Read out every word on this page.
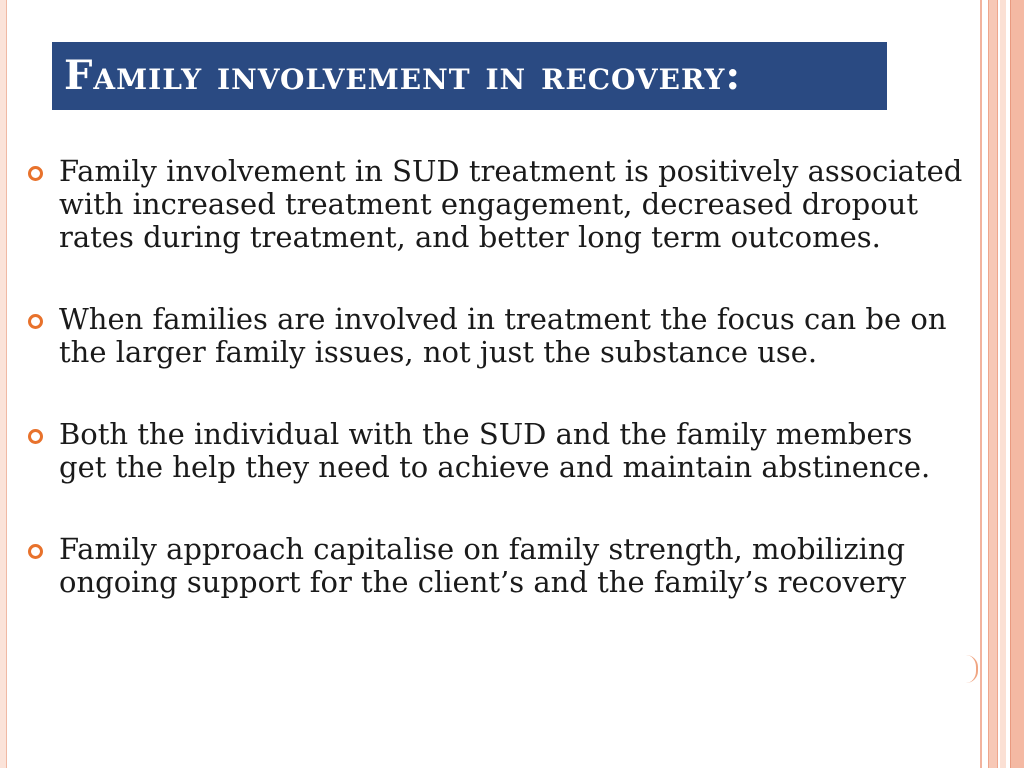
Family involvement in recovery:
Family involvement in SUD treatment is positively associated with increased treatment engagement, decreased dropout rates during treatment, and better long term outcomes.
When families are involved in treatment the focus can be on the larger family issues, not just the substance use.
Both the individual with the SUD and the family members get the help they need to achieve and maintain abstinence.
Family approach capitalise on family strength, mobilizing ongoing support for the client’s and the family’s recovery
